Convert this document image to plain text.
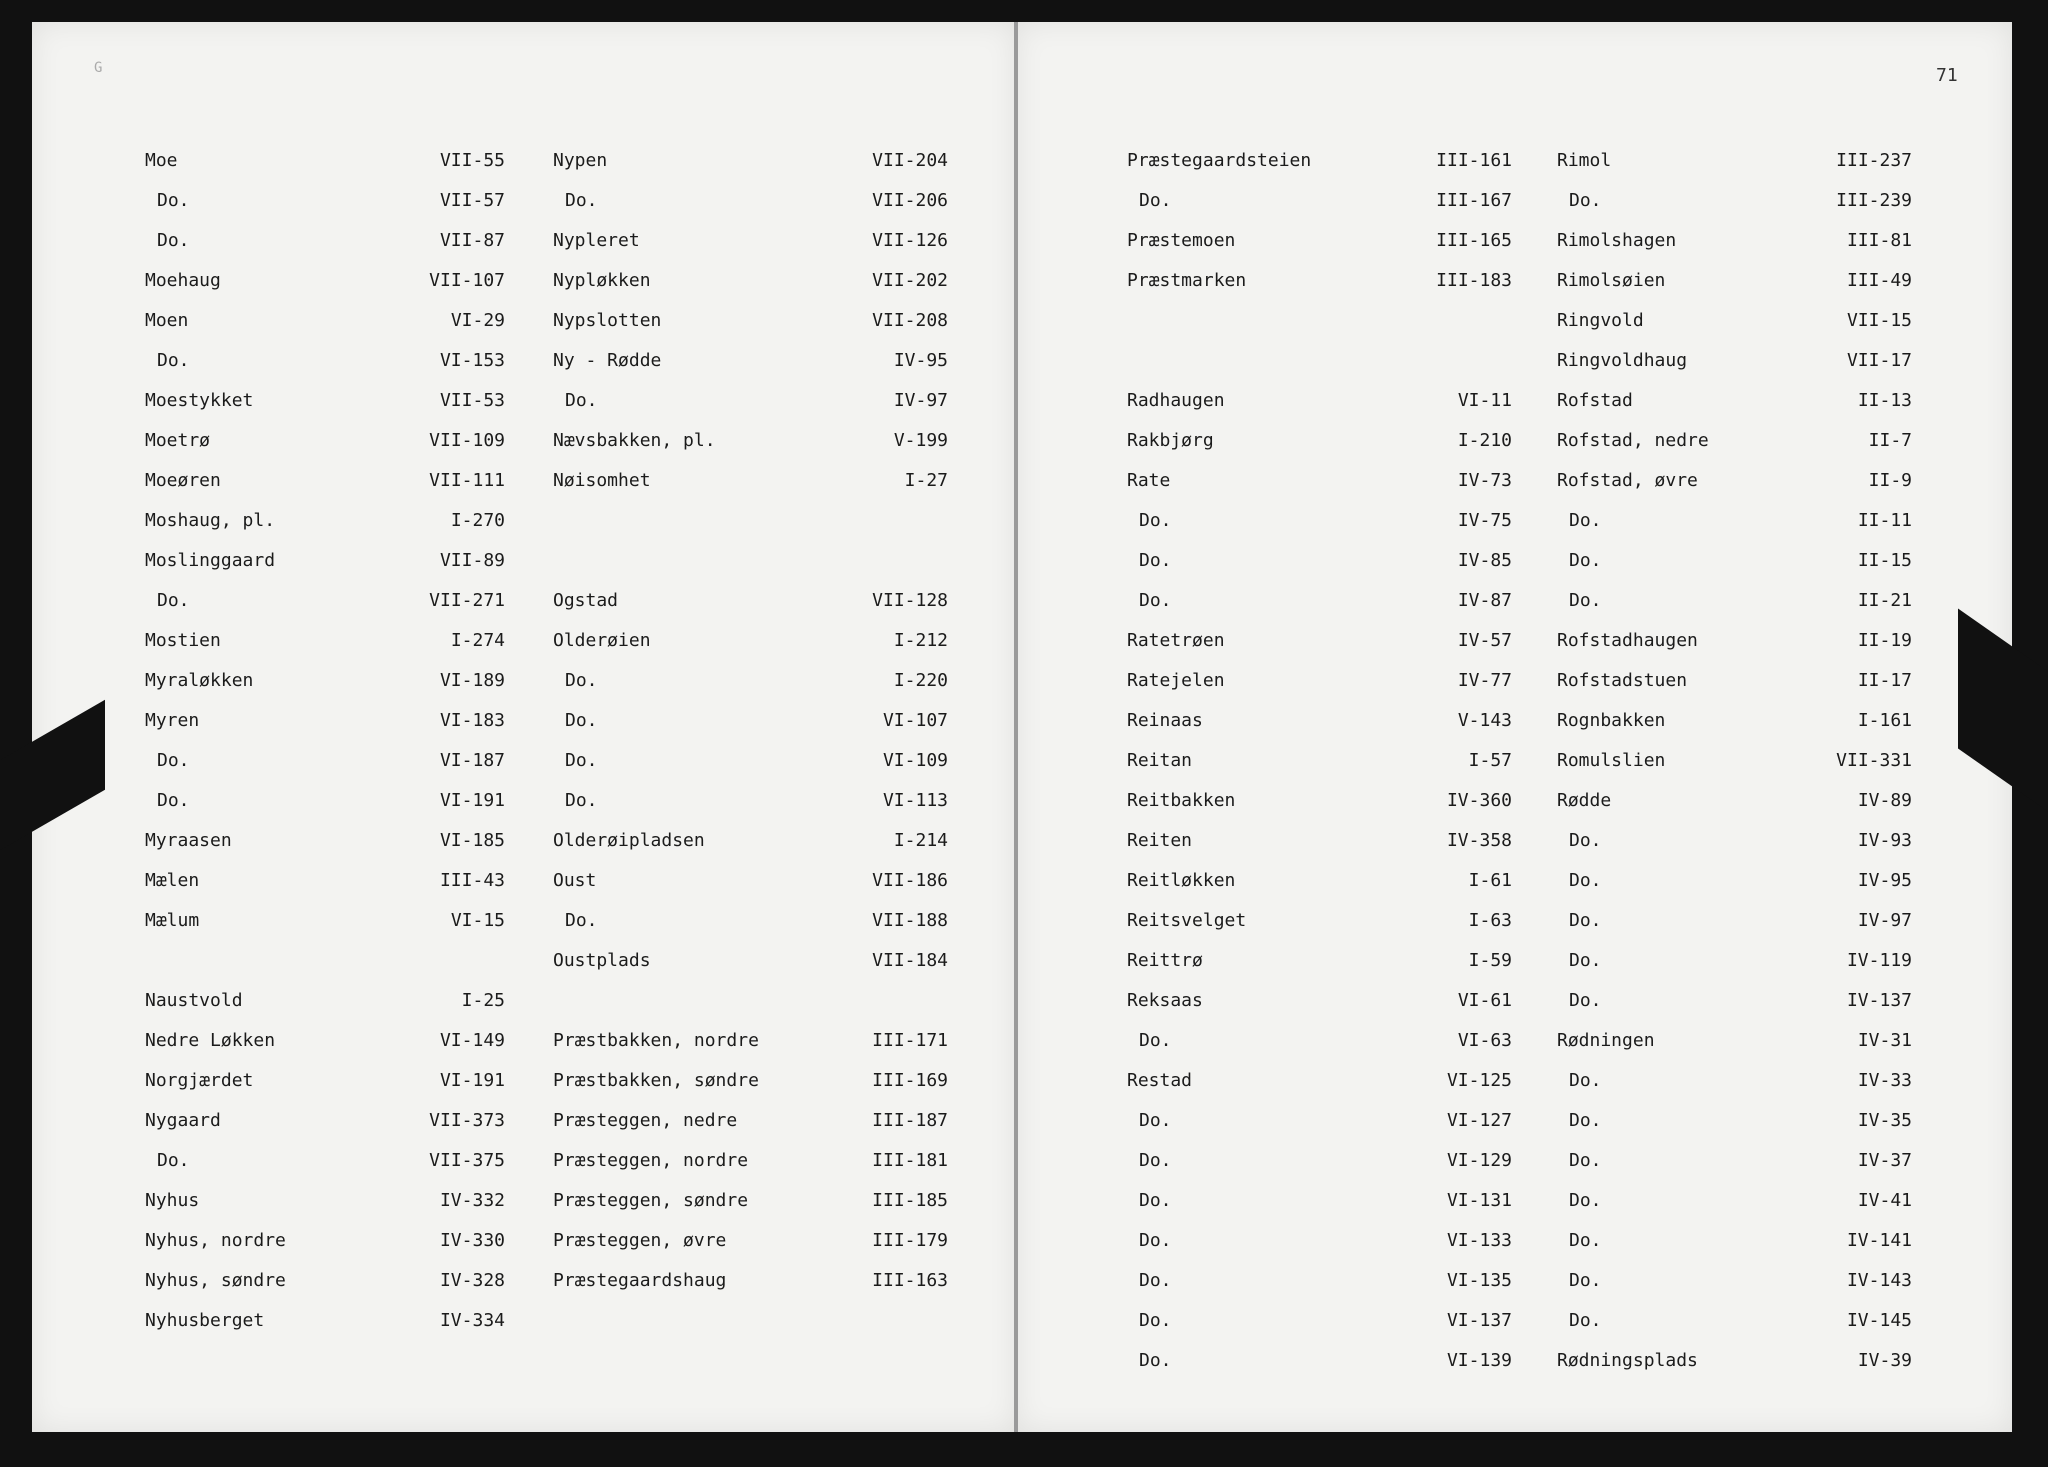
G	71
Moe	VII-55
Do.	VII-57
Do.	VII-87
Moehaug	VII-107
Moen	VI-29
Do.	VI-153
Moestykket	VII-53
Moetrø	VII-109
Moeøren	VII-111
Moshaug, pl.	I-270
Moslinggaard	VII-89
Do.	VII-271
Mostien	I-274
Myraløkken	VI-189
Myren	VI-183
Do.	VI-187
Do.	VI-191
Myraasen	VI-185
Mælen	III-43
Mælum	VI-15
Naustvold	I-25
Nedre Løkken	VI-149
Norgjærdet	VI-191
Nygaard	VII-373
Do.	VII-375
Nyhus	IV-332
Nyhus, nordre	IV-330
Nyhus, søndre	IV-328
Nyhusberget	IV-334
Nypen	VII-204
Do.	VII-206
Nypleret	VII-126
Nypløkken	VII-202
Nypslotten	VII-208
Ny - Rødde	IV-95
Do.	IV-97
Nævsbakken, pl.	V-199
Nøisomhet	I-27
Ogstad	VII-128
Olderøien	I-212
Do.	I-220
Do.	VI-107
Do.	VI-109
Do.	VI-113
Olderøipladsen	I-214
Oust	VII-186
Do.	VII-188
Oustplads	VII-184
Præstbakken, nordre	III-171
Præstbakken, søndre	III-169
Præsteggen, nedre	III-187
Præsteggen, nordre	III-181
Præsteggen, søndre	III-185
Præsteggen, øvre	III-179
Præstegaardshaug	III-163
Præstegaardsteien	III-161
Do.	III-167
Præstemoen	III-165
Præstmarken	III-183
Radhaugen	VI-11
Rakbjørg	I-210
Rate	IV-73
Do.	IV-75
Do.	IV-85
Do.	IV-87
Ratetrøen	IV-57
Ratejelen	IV-77
Reinaas	V-143
Reitan	I-57
Reitbakken	IV-360
Reiten	IV-358
Reitløkken	I-61
Reitsvelget	I-63
Reittrø	I-59
Reksaas	VI-61
Do.	VI-63
Restad	VI-125
Do.	VI-127
Do.	VI-129
Do.	VI-131
Do.	VI-133
Do.	VI-135
Do.	VI-137
Do.	VI-139
Rimol	III-237
Do.	III-239
Rimolshagen	III-81
Rimolsøien	III-49
Ringvold	VII-15
Ringvoldhaug	VII-17
Rofstad	II-13
Rofstad, nedre	II-7
Rofstad, øvre	II-9
Do.	II-11
Do.	II-15
Do.	II-21
Rofstadhaugen	II-19
Rofstadstuen	II-17
Rognbakken	I-161
Romulslien	VII-331
Rødde	IV-89
Do.	IV-93
Do.	IV-95
Do.	IV-97
Do.	IV-119
Do.	IV-137
Rødningen	IV-31
Do.	IV-33
Do.	IV-35
Do.	IV-37
Do.	IV-41
Do.	IV-141
Do.	IV-143
Do.	IV-145
Rødningsplads	IV-39
